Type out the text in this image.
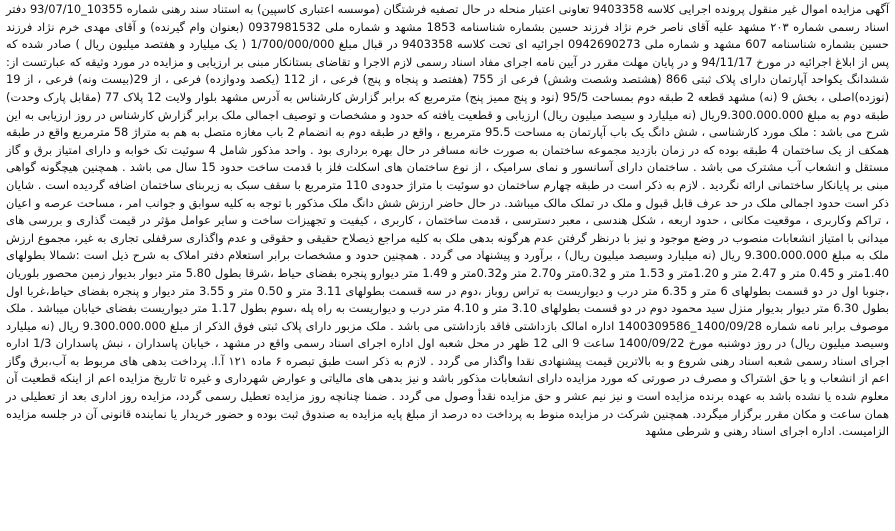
آگهی مزایده اموال غیر منقول پرونده اجرایی کلاسه 9403358 تعاونی اعتبار منحله در حال تصفیه فرشتگان (موسسه اعتباری کاسپین) به استناد سند رهنی شماره 10355_93/07/10 دفتر اسناد رسمی شماره ۲۰۳ مشهد علیه آقای ناصر خرم نژاد فرزند حسین بشماره شناسنامه 1853 مشهد و شماره ملی 0937981532 (بعنوان وام گیرنده) و آقای مهدی خرم نژاد فرزند حسین بشماره شناسنامه 607 مشهد و شماره ملی 0942690273 اجرائیه ای تحت کلاسه 9403358 در قبال مبلغ 1/700/000/000 ( یک میلیارد و هفتصد میلیون ریال ) صادر شده که پس از ابلاغ اجرائیه در مورخ 94/11/17 و در پایان مهلت مقرر در آیین نامه اجرای مفاد اسناد رسمی لازم الاجرا و تقاضای بستانکار مبنی بر ارزیابی و مزایده در مورد وثیقه که عبارتست از: ششدانگ یکواحد آپارتمان دارای پلاک ثبتی 866 (هشتصد وشصت وشش) فرعی از 755 (هفتصد و پنجاه و پنج) فرعی ، از 112 (یکصد ودوازده) فرعی ، از 29(بیست ونه) فرعی ، از 19 (نوزده)اصلی ، بخش 9 (نه) مشهد قطعه 2 طبقه دوم بمساحت 95/5 (نود و پنج ممیز پنج) مترمربع که برابر گزارش کارشناس به آدرس مشهد بلوار ولایت 12 پلاک 77 (مقابل پارک وحدت) طبقه دوم به مبلغ 9.300.000.000ریال (نه میلیارد و سیصد میلیون ریال) ارزیابی و قطعیت یافته که حدود و مشخصات و توصیف اجمالی ملک برابر گزارش کارشناس در روز ارزیابی به این شرح می باشد : ملک مورد کارشناسی ، شش دانگ یک باب آپارتمان به مساحت 95.5 مترمربع ، واقع در طبقه دوم به انضمام 2 باب مغازه متصل به هم به متراژ 58 مترمربع واقع در طبقه همکف از یک ساختمان 4 طبقه بوده که در زمان بازدید مجموعه ساختمان به صورت خانه مسافر در حال بهره برداری بود . واحد مذکور شامل 4 سوئیت تک خوابه و دارای امتیاز برق و گاز مستقل و انشعاب آب مشترک می باشد . ساختمان دارای آسانسور و نمای سرامیک ، از نوع ساختمان های اسکلت فلز با قدمت ساخت حدود 15 سال می باشد . همچنین هیچگونه گواهی مبنی بر پایانکار ساختمانی ارائه نگردید . لازم به ذکر است در طبقه چهارم ساختمان دو سوئیت با متراژ حدودی 110 مترمربع با سقف سبک به زیربنای ساختمان اضافه گردیده است . شایان ذکر است حدود اجمالی ملک در حد عرف قابل قبول و ملک در تملک مالک میباشد. در حال حاضر ارزش شش دانگ ملک مذکور با توجه به کلیه سوابق و جوانب امر ، مساحت عرصه و اعیان ، تراکم وکاربری ، موقعیت مکانی ، حدود اربعه ، شکل هندسی ، معبر دسترسی ، قدمت ساختمان ، کاربری ، کیفیت و تجهیزات ساخت و سایر عوامل مؤثر در قیمت گذاری و بررسی های میدانی با امتیاز انشعابات منصوب در وضع موجود و نیز با درنظر گرفتن عدم هرگونه بدهی ملک به کلیه مراجع ذیصلاح حقیقی و حقوقی و عدم واگذاری سرقفلی تجاری به غیر، مجموع ارزش ملک به مبلغ 9.300.000.000 ریال (نه میلیارد وسیصد میلیون ریال) ، برآورد و پیشنهاد می گردد . همچنین حدود و مشخصات برابر استعلام دفتر املاک به شرح ذیل است :شمالا بطولهای 1.40متر و 0.45 متر و 2.47 متر و 1.20متر و 1.53 متر و 0.32متر و2.70 متر و0.32متر و 1.49 متر دیوارو پنجره بفضای حیاط ،شرقا بطول 5.80 متر دیوار بدیوار زمین محصور بلوریان ،جنوبا اول در دو قسمت بطولهای 6 متر و 6.35 متر درب و دیواریست به تراس روباز ،دوم در سه قسمت بطولهای 3.11 متر و 0.50 متر و 3.55 متر دیوار و پنجره بفضای حیاط،غربا اول بطول 6.30 متر دیوار بدیوار منزل سید محمود دوم در دو قسمت بطولهای 3.10 متر و 4.10 متر درب و دیواریست به راه پله ،سوم بطول 1.17 متر دیواریست بفضای خیابان میباشد . ملک موصوف برابر نامه شماره 1400/09/28_1400309586 اداره امالک بازداشتی فاقد بازداشتی می باشد . ملک مزبور دارای پلاک ثبتی فوق الذکر از مبلغ 9.300.000.000 ریال (نه میلیارد وسیصد میلیون ریال) در روز دوشنبه مورخ 1400/09/22 ساعت 9 الی 12 ظهر در محل شعبه اول اداره اجرای اسناد رسمی واقع در مشهد ، خیابان پاسداران ، نبش پاسداران 1/3 اداره اجرای اسناد رسمی شعبه اسناد رهنی شروع و به بالاترین قیمت پیشنهادی نقدا واگذار می گردد . لازم به ذکر است طبق تبصره ۶ ماده ۱۲۱ آ.ا. پرداخت بدهی های مربوط به آب،برق وگاز اعم از انشعاب و یا حق اشتراک و مصرف در صورتی که مورد مزایده دارای انشعابات مذکور باشد و نیز بدهی های مالیاتی و عوارض شهرداری و غیره تا تاریخ مزایده اعم از اینکه قطعیت آن معلوم شده یا نشده باشد به عهده برنده مزایده است و نیز نیم عشر و حق مزایده نقدأ وصول می گردد . ضمنا چنانچه روز مزایده تعطیل رسمی گردد، مزایده روز اداری بعد از تعطیلی در همان ساعت و مکان مقرر برگزار میگردد. همچنین شرکت در مزایده منوط به پرداخت ده درصد از مبلغ پایه مزایده به صندوق ثبت بوده و حضور خریدار یا نماینده قانونی آن در جلسه مزایده الزامیست. اداره اجرای اسناد رهنی و شرطی مشهد
